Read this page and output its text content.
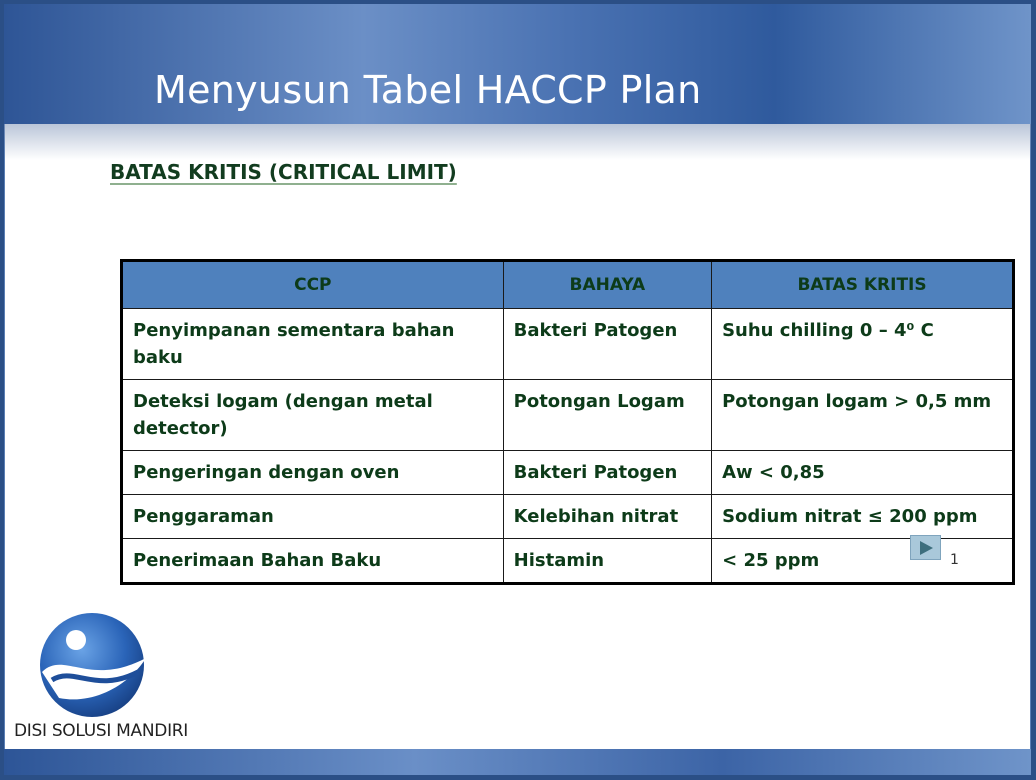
Menyusun Tabel HACCP Plan
BATAS KRITIS (CRITICAL LIMIT)
CCP	BAHAYA	BATAS KRITIS
Penyimpanan sementara bahan baku	Bakteri Patogen	Suhu chilling 0 – 4⁰ C
Deteksi logam (dengan metal detector)	Potongan Logam	Potongan logam > 0,5 mm
Pengeringan dengan oven	Bakteri Patogen	Aw < 0,85
Penggaraman	Kelebihan nitrat	Sodium nitrat ≤ 200 ppm
Penerimaan Bahan Baku	Histamin	< 25 ppm	1
DISI SOLUSI MANDIRI
